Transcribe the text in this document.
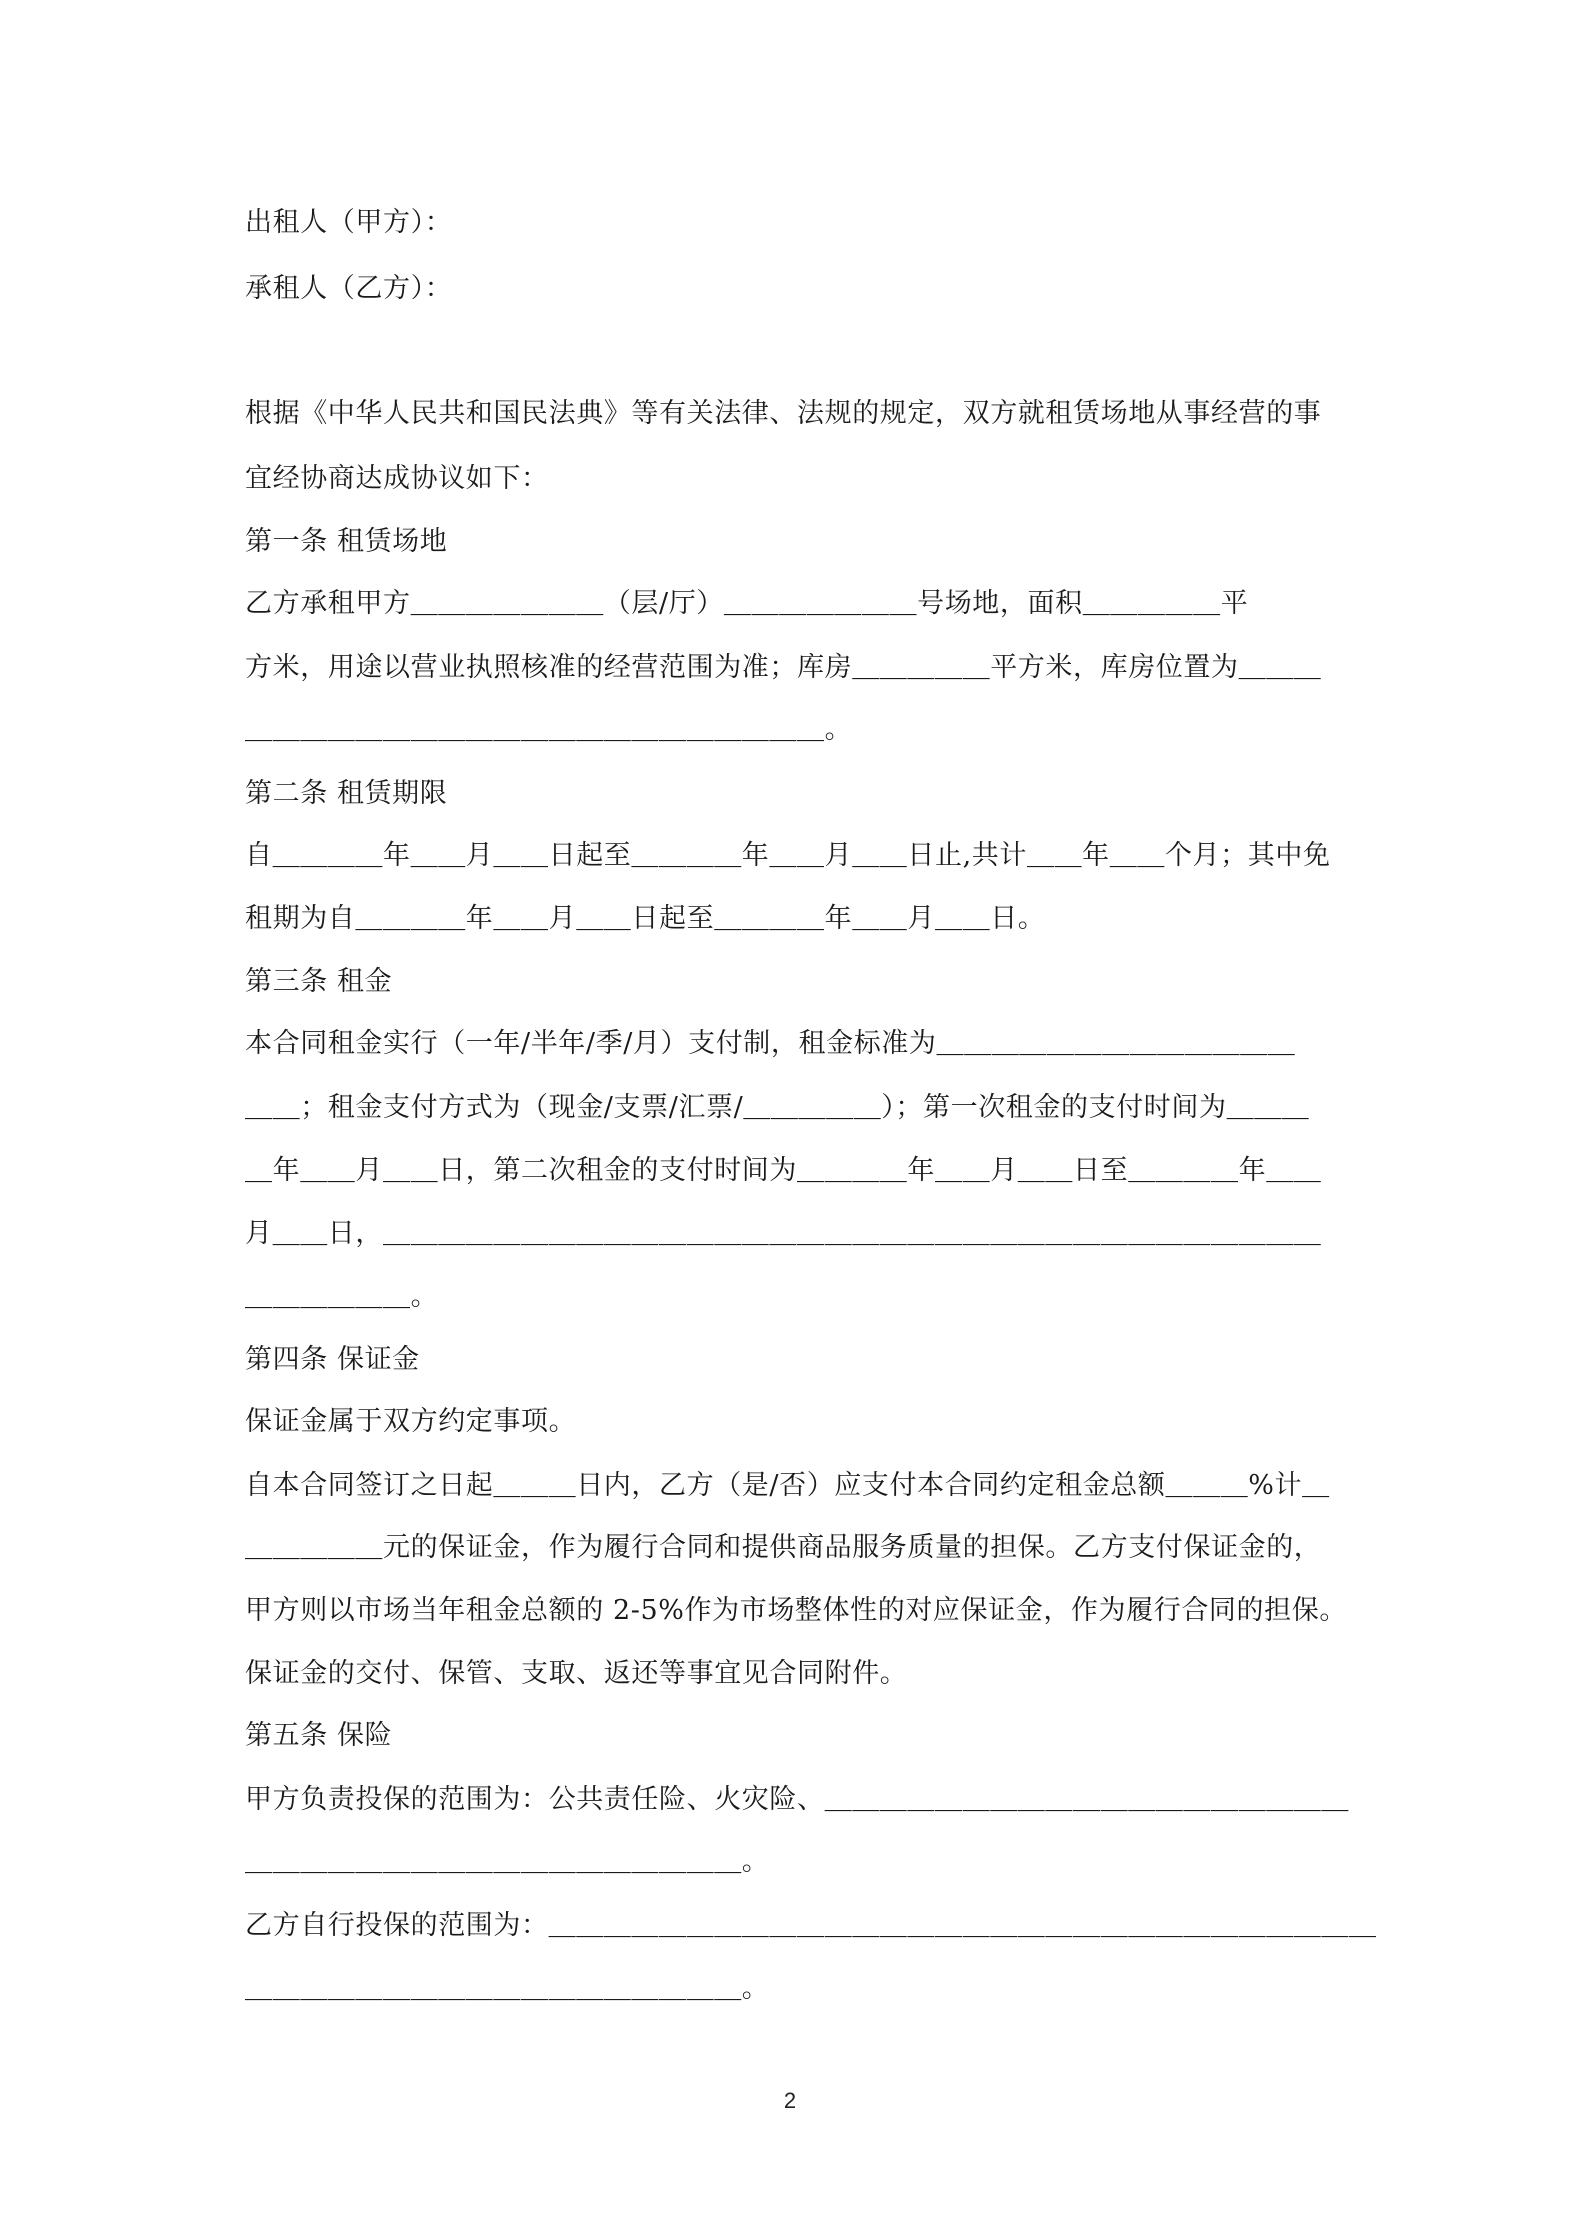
出租人（甲方）：
承租人（乙方）：
根据《中华人民共和国民法典》等有关法律、法规的规定，双方就租赁场地从事经营的事
宜经协商达成协议如下：
第一条 租赁场地
乙方承租甲方＿＿＿＿＿＿＿（层/厅）＿＿＿＿＿＿＿号场地，面积＿＿＿＿＿平
方米，用途以营业执照核准的经营范围为准；库房＿＿＿＿＿平方米，库房位置为＿＿＿
＿＿＿＿＿＿＿＿＿＿＿＿＿＿＿＿＿＿＿＿＿。
第二条 租赁期限
自＿＿＿＿年＿＿月＿＿日起至＿＿＿＿年＿＿月＿＿日止,共计＿＿年＿＿个月；其中免
租期为自＿＿＿＿年＿＿月＿＿日起至＿＿＿＿年＿＿月＿＿日。
第三条 租金
本合同租金实行（一年/半年/季/月）支付制，租金标准为＿＿＿＿＿＿＿＿＿＿＿＿＿
＿＿；租金支付方式为（现金/支票/汇票/＿＿＿＿＿）；第一次租金的支付时间为＿＿＿
＿年＿＿月＿＿日，第二次租金的支付时间为＿＿＿＿年＿＿月＿＿日至＿＿＿＿年＿＿
月＿＿日，＿＿＿＿＿＿＿＿＿＿＿＿＿＿＿＿＿＿＿＿＿＿＿＿＿＿＿＿＿＿＿＿＿＿
＿＿＿＿＿＿。
第四条 保证金
保证金属于双方约定事项。
自本合同签订之日起＿＿＿日内，乙方（是/否）应支付本合同约定租金总额＿＿＿%计＿
＿＿＿＿＿元的保证金，作为履行合同和提供商品服务质量的担保。乙方支付保证金的，
甲方则以市场当年租金总额的 2-5%作为市场整体性的对应保证金，作为履行合同的担保。
保证金的交付、保管、支取、返还等事宜见合同附件。
第五条 保险
甲方负责投保的范围为：公共责任险、火灾险、＿＿＿＿＿＿＿＿＿＿＿＿＿＿＿＿＿＿＿
＿＿＿＿＿＿＿＿＿＿＿＿＿＿＿＿＿＿。
乙方自行投保的范围为：＿＿＿＿＿＿＿＿＿＿＿＿＿＿＿＿＿＿＿＿＿＿＿＿＿＿＿＿＿＿
＿＿＿＿＿＿＿＿＿＿＿＿＿＿＿＿＿＿。
2
